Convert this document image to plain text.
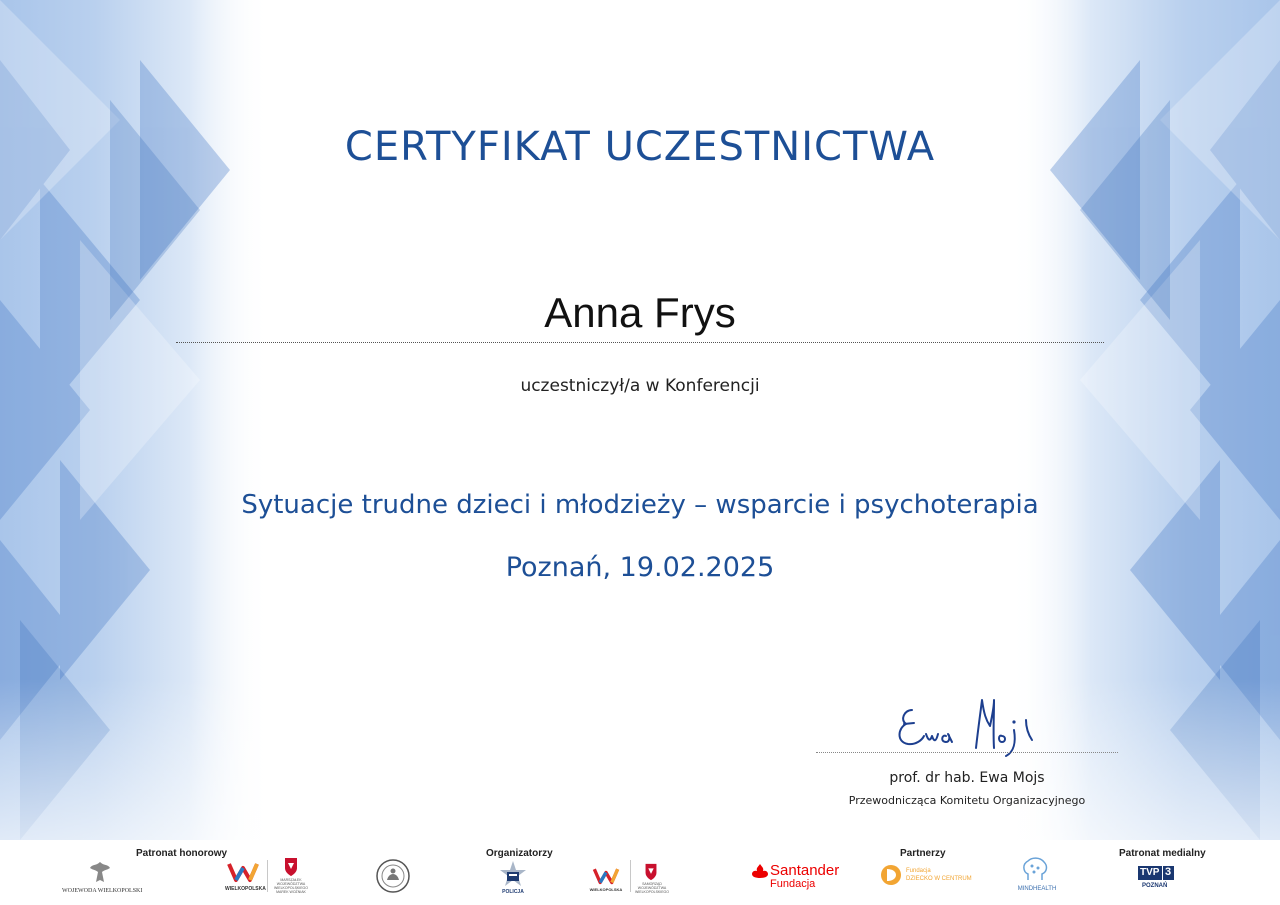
CERTYFIKAT UCZESTNICTWA
Anna Frys
uczestniczył/a w Konferencji
Sytuacje trudne dzieci i młodzieży – wsparcie i psychoterapia
Poznań, 19.02.2025
prof. dr hab. Ewa Mojs
Przewodnicząca Komitetu Organizacyjnego
Patronat honorowy
WOJEWODA WIELKOPOLSKI	WIELKOPOLSKA
MARSZAŁEK WOJEWÓDZTWA WIELKOPOLSKIEGO MAREK WOŹNIAK
Organizatorzy
POLICJA	WIELKOPOLSKA
SAMORZĄD WOJEWÓDZTWA WIELKOPOLSKIEGO
Partnerzy
Santander
Fundacja
Fundacja
DZIECKO W CENTRUM
MINDHEALTH
Patronat medialny
TVP 3
POZNAŃ
